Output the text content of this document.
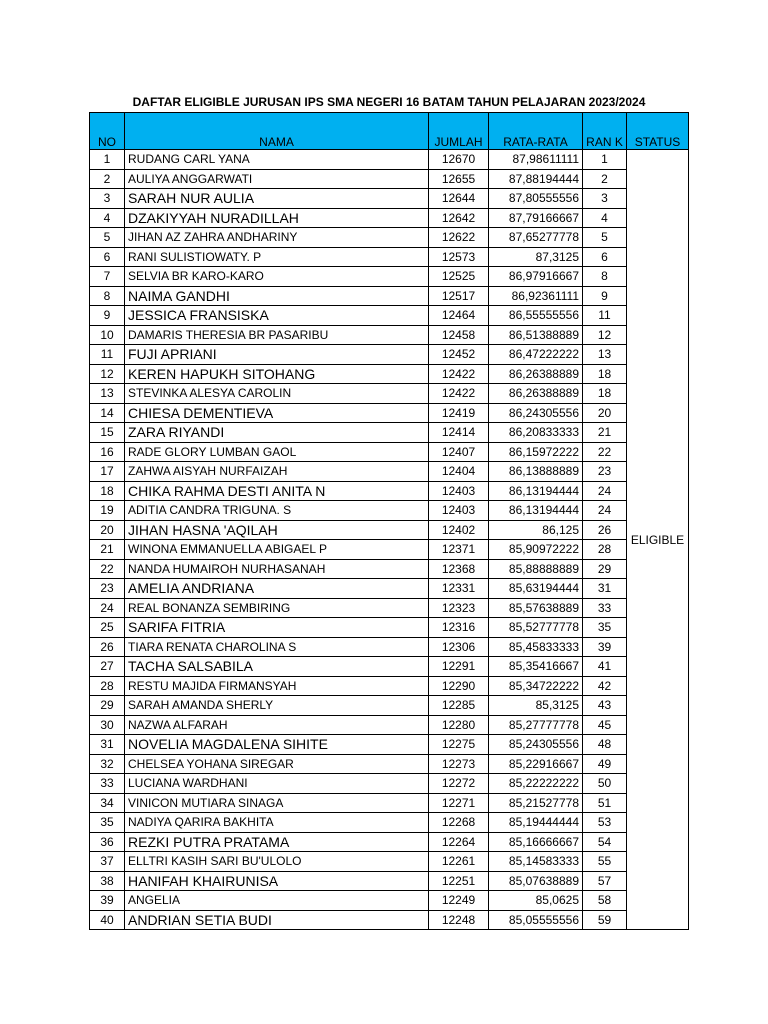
DAFTAR ELIGIBLE JURUSAN IPS SMA NEGERI 16 BATAM TAHUN PELAJARAN 2023/2024
NO	NAMA	JUMLAH	RATA-RATA	RAN K	STATUS
1	RUDANG CARL YANA	12670	87,98611111	1	ELIGIBLE
2	AULIYA ANGGARWATI	12655	87,88194444	2	
3	SARAH NUR AULIA	12644	87,80555556	3	
4	DZAKIYYAH NURADILLAH	12642	87,79166667	4	
5	JIHAN AZ ZAHRA ANDHARINY	12622	87,65277778	5	
6	RANI SULISTIOWATY. P	12573	87,3125	6	
7	SELVIA BR KARO-KARO	12525	86,97916667	8	
8	NAIMA GANDHI	12517	86,92361111	9	
9	JESSICA FRANSISKA	12464	86,55555556	11	
10	DAMARIS THERESIA BR PASARIBU	12458	86,51388889	12	
11	FUJI APRIANI	12452	86,47222222	13	
12	KEREN HAPUKH SITOHANG	12422	86,26388889	18	
13	STEVINKA ALESYA CAROLIN	12422	86,26388889	18	
14	CHIESA DEMENTIEVA	12419	86,24305556	20	
15	ZARA RIYANDI	12414	86,20833333	21	
16	RADE GLORY LUMBAN GAOL	12407	86,15972222	22	
17	ZAHWA AISYAH NURFAIZAH	12404	86,13888889	23	
18	CHIKA RAHMA DESTI ANITA N	12403	86,13194444	24	
19	ADITIA CANDRA TRIGUNA. S	12403	86,13194444	24	
20	JIHAN HASNA 'AQILAH	12402	86,125	26	
21	WINONA EMMANUELLA ABIGAEL P	12371	85,90972222	28	
22	NANDA HUMAIROH NURHASANAH	12368	85,88888889	29	
23	AMELIA ANDRIANA	12331	85,63194444	31	
24	REAL BONANZA SEMBIRING	12323	85,57638889	33	
25	SARIFA FITRIA	12316	85,52777778	35	
26	TIARA RENATA CHAROLINA S	12306	85,45833333	39	
27	TACHA SALSABILA	12291	85,35416667	41	
28	RESTU MAJIDA FIRMANSYAH	12290	85,34722222	42	
29	SARAH AMANDA SHERLY	12285	85,3125	43	
30	NAZWA ALFARAH	12280	85,27777778	45	
31	NOVELIA MAGDALENA SIHITE	12275	85,24305556	48	
32	CHELSEA YOHANA SIREGAR	12273	85,22916667	49	
33	LUCIANA WARDHANI	12272	85,22222222	50	
34	VINICON MUTIARA SINAGA	12271	85,21527778	51	
35	NADIYA QARIRA BAKHITA	12268	85,19444444	53	
36	REZKI PUTRA PRATAMA	12264	85,16666667	54	
37	ELLTRI KASIH SARI BU'ULOLO	12261	85,14583333	55	
38	HANIFAH KHAIRUNISA	12251	85,07638889	57	
39	ANGELIA	12249	85,0625	58	
40	ANDRIAN SETIA BUDI	12248	85,05555556	59	
